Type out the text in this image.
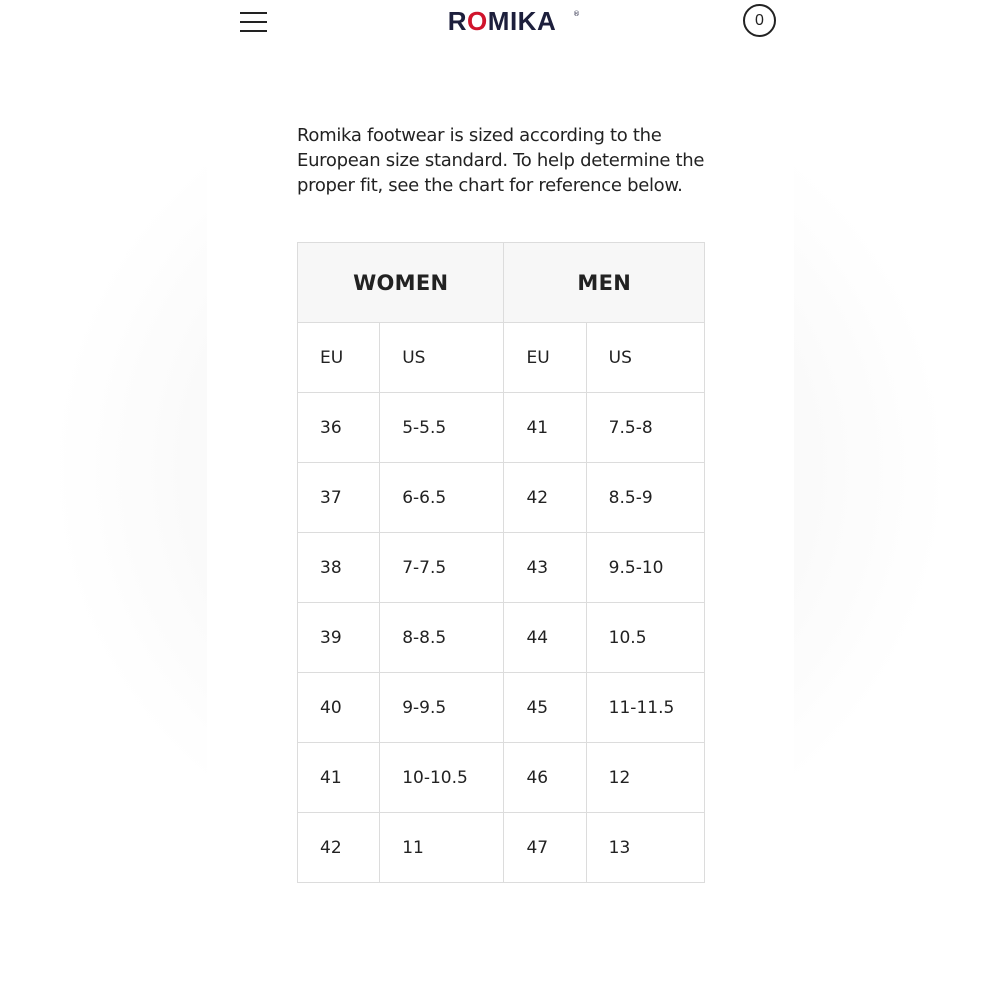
ROMIKA	®	0

Romika footwear is sized according to the European size standard. To help determine the proper fit, see the chart for reference below.

WOMEN		MEN	
EU	US	EU	US
36	5-5.5	41	7.5-8
37	6-6.5	42	8.5-9
38	7-7.5	43	9.5-10
39	8-8.5	44	10.5
40	9-9.5	45	11-11.5
41	10-10.5	46	12
42	11	47	13
